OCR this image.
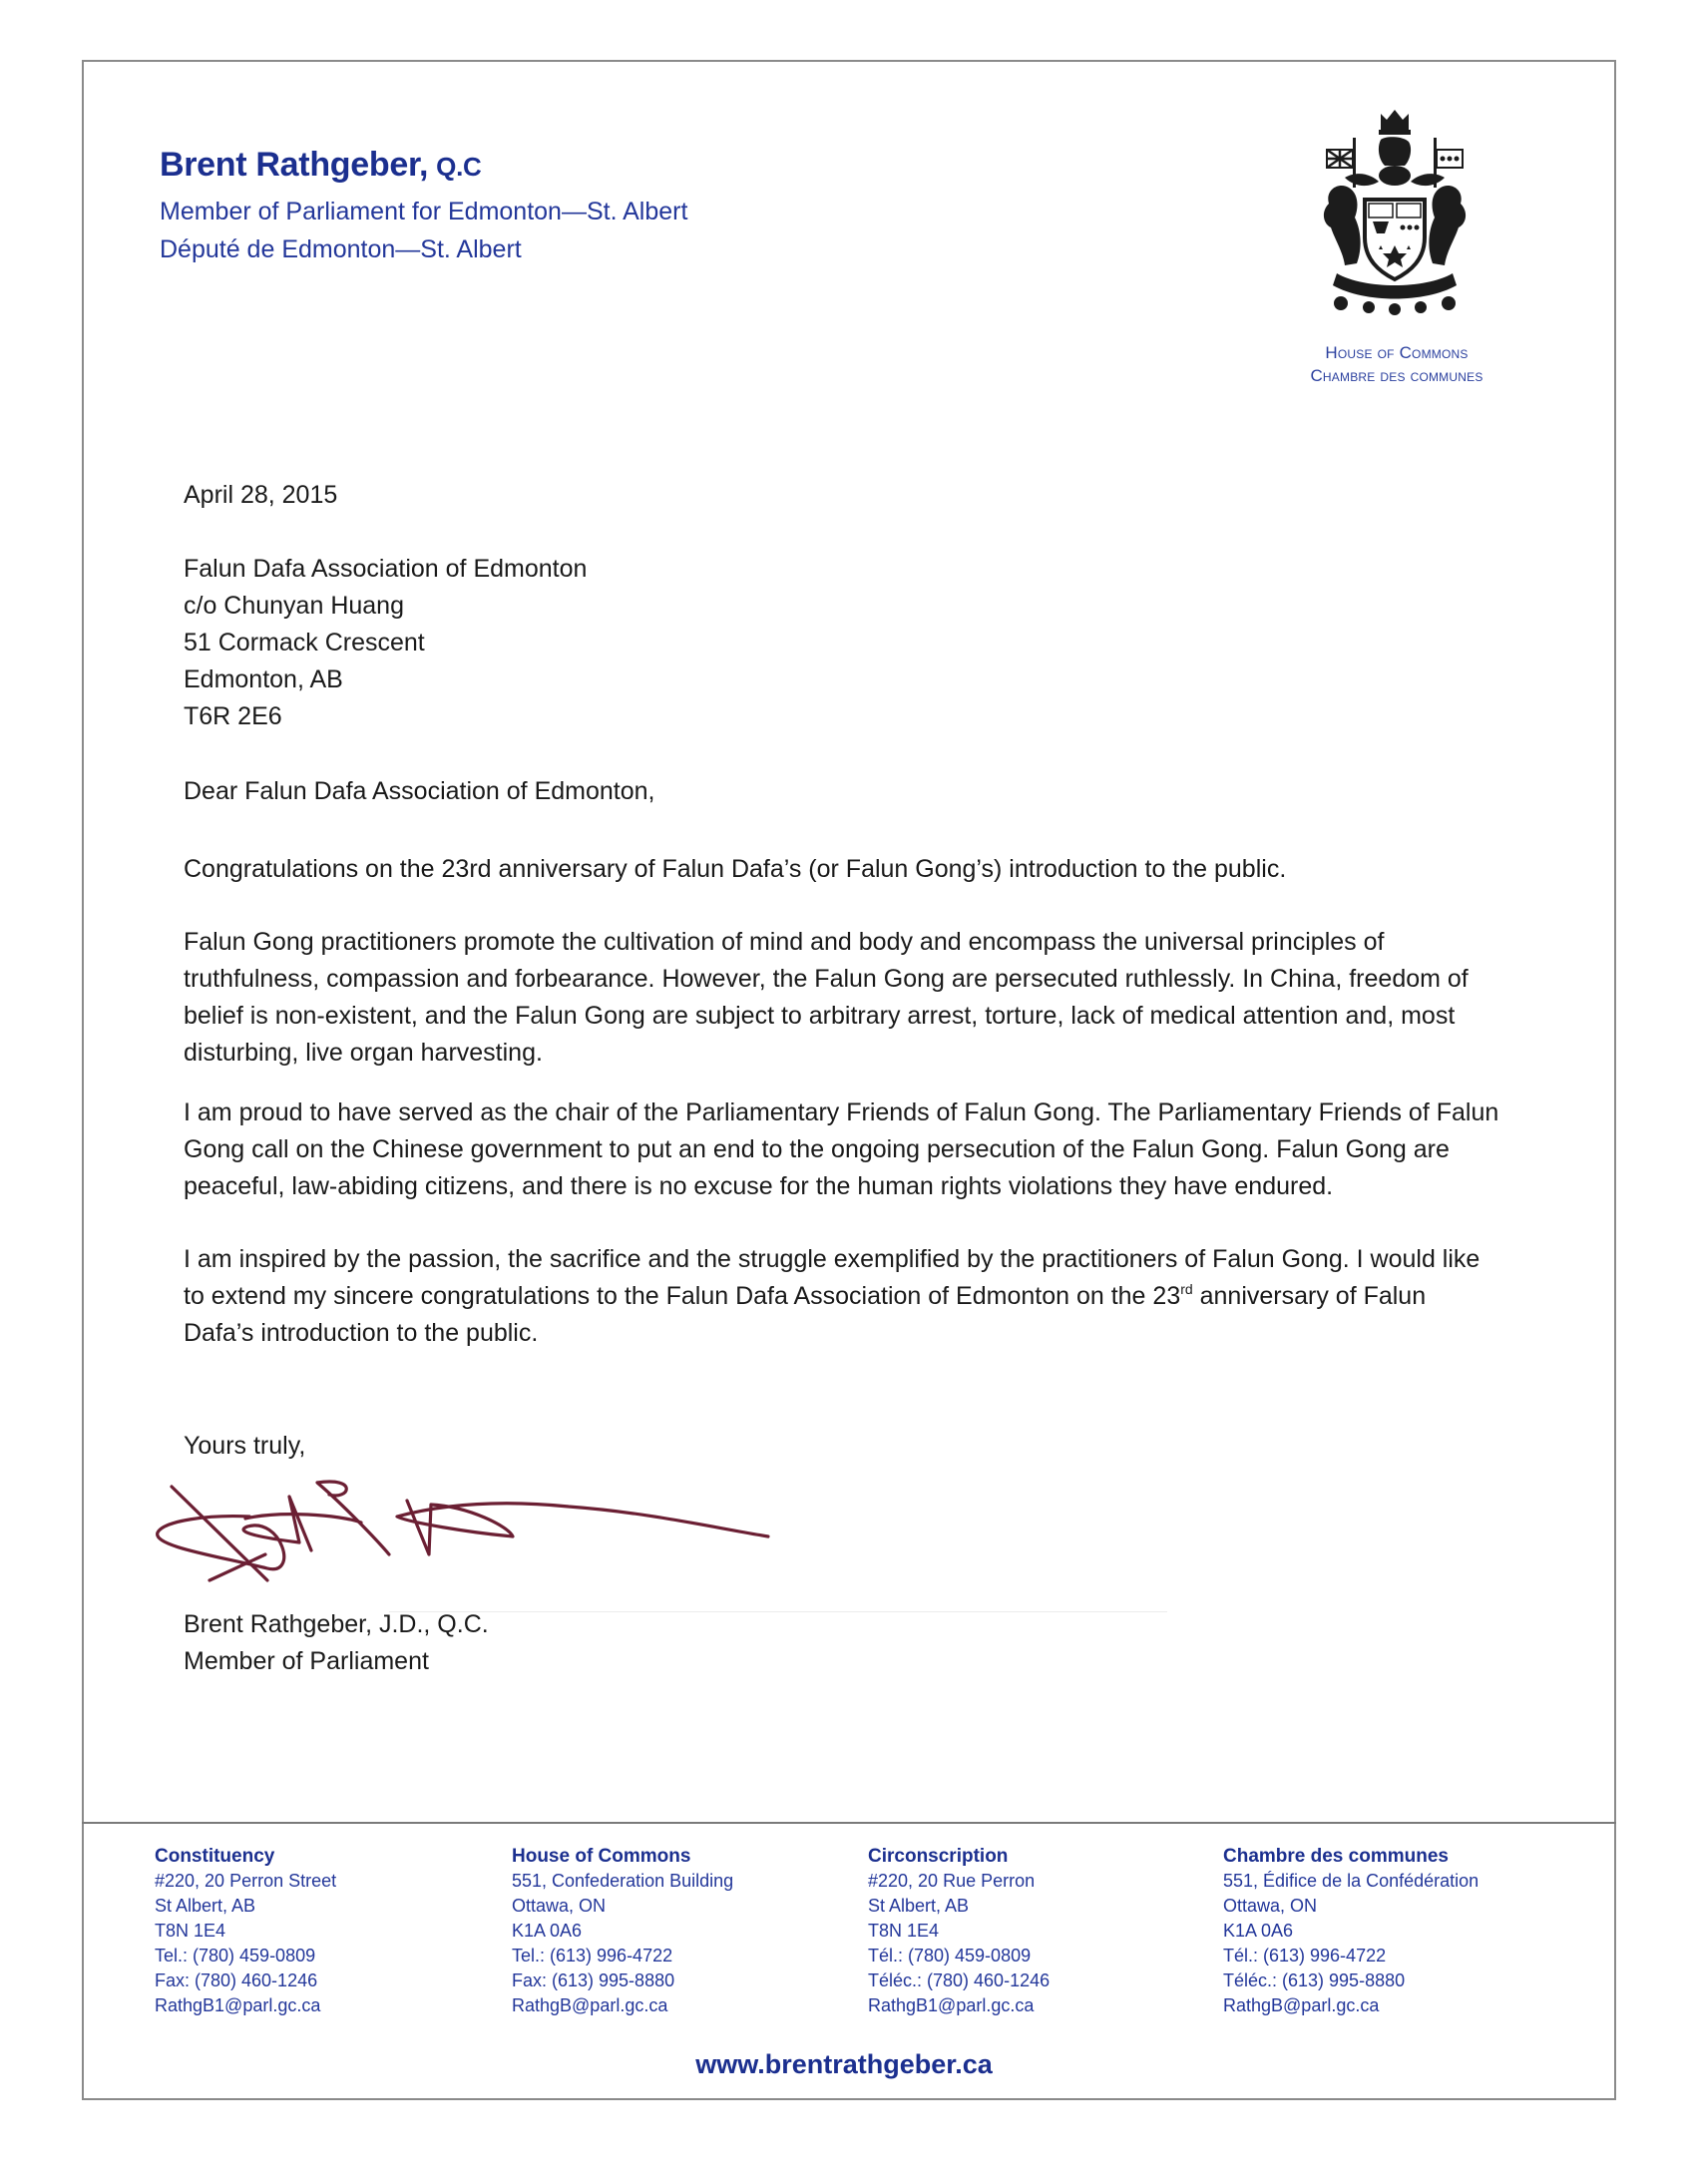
Brent Rathgeber, Q.C
Member of Parliament for Edmonton—St. Albert
Député de Edmonton—St. Albert
House of Commons
Chambre des communes
April 28, 2015
Falun Dafa Association of Edmonton
c/o Chunyan Huang
51 Cormack Crescent
Edmonton, AB
T6R 2E6
Dear Falun Dafa Association of Edmonton,
Congratulations on the 23rd anniversary of Falun Dafa’s (or Falun Gong’s) introduction to the public.
Falun Gong practitioners promote the cultivation of mind and body and encompass the universal principles of truthfulness, compassion and forbearance. However, the Falun Gong are persecuted ruthlessly. In China, freedom of belief is non-existent, and the Falun Gong are subject to arbitrary arrest, torture, lack of medical attention and, most disturbing, live organ harvesting.
I am proud to have served as the chair of the Parliamentary Friends of Falun Gong. The Parliamentary Friends of Falun Gong call on the Chinese government to put an end to the ongoing persecution of the Falun Gong. Falun Gong are peaceful, law-abiding citizens, and there is no excuse for the human rights violations they have endured.
I am inspired by the passion, the sacrifice and the struggle exemplified by the practitioners of Falun Gong. I would like to extend my sincere congratulations to the Falun Dafa Association of Edmonton on the 23rd anniversary of Falun Dafa’s introduction to the public.
Yours truly,
Brent Rathgeber, J.D., Q.C.
Member of Parliament
Constituency
#220, 20 Perron Street
St Albert, AB
T8N 1E4
Tel.: (780) 459-0809
Fax: (780) 460-1246
RathgB1@parl.gc.ca
House of Commons
551, Confederation Building
Ottawa, ON
K1A 0A6
Tel.: (613) 996-4722
Fax: (613) 995-8880
RathgB@parl.gc.ca
Circonscription
#220, 20 Rue Perron
St Albert, AB
T8N 1E4
Tél.: (780) 459-0809
Téléc.: (780) 460-1246
RathgB1@parl.gc.ca
Chambre des communes
551, Édifice de la Confédération
Ottawa, ON
K1A 0A6
Tél.: (613) 996-4722
Téléc.: (613) 995-8880
RathgB@parl.gc.ca
www.brentrathgeber.ca
